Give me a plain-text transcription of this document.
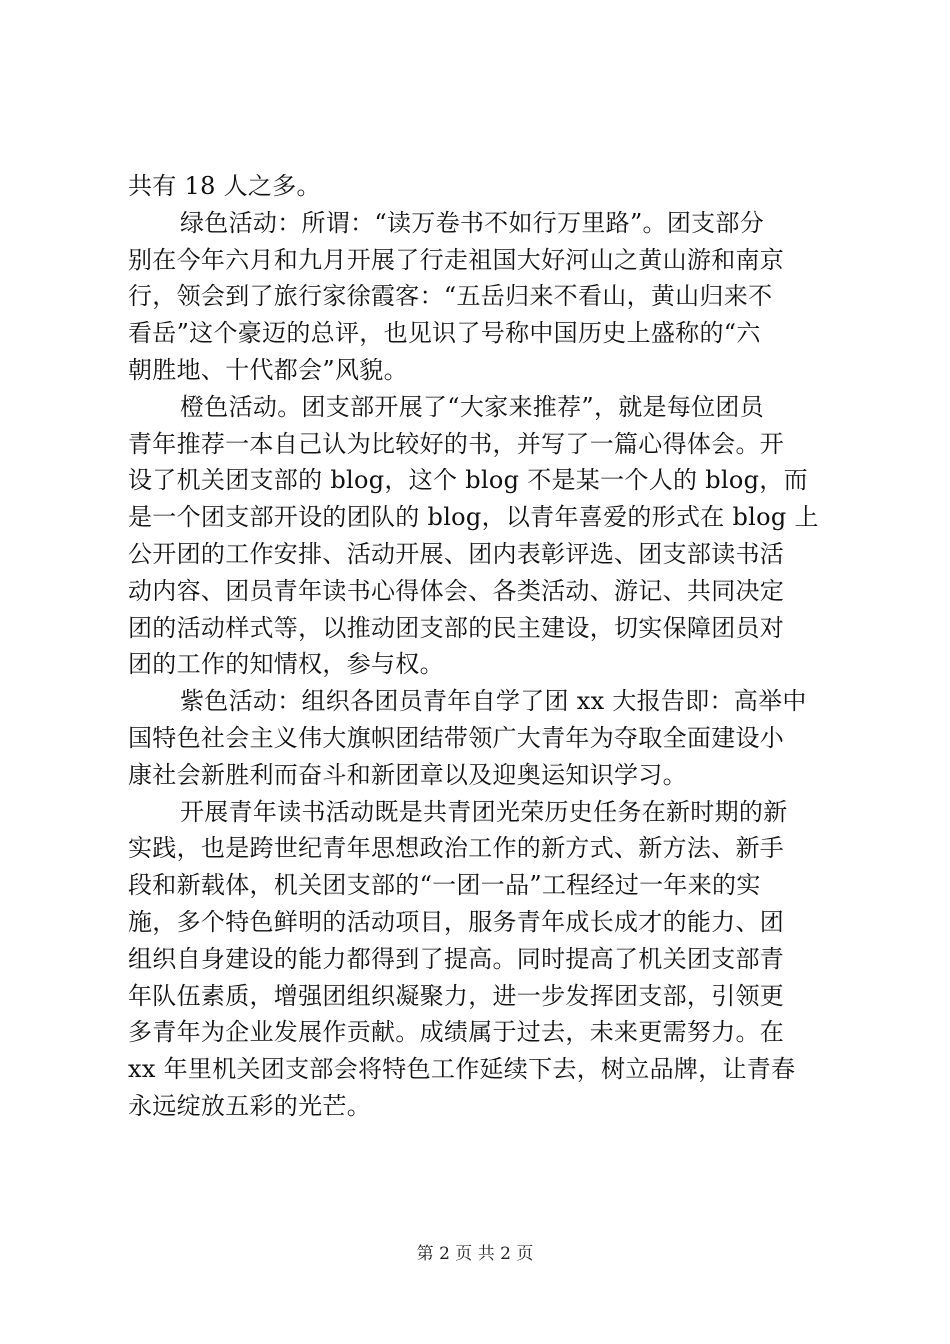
共有 18 人之多。
绿色活动：所谓：“读万卷书不如行万里路”。团支部分
别在今年六月和九月开展了行走祖国大好河山之黄山游和南京
行，领会到了旅行家徐霞客：“五岳归来不看山，黄山归来不
看岳”这个豪迈的总评，也见识了号称中国历史上盛称的“六
朝胜地、十代都会”风貌。
橙色活动。团支部开展了“大家来推荐”，就是每位团员
青年推荐一本自己认为比较好的书，并写了一篇心得体会。开
设了机关团支部的 blog，这个 blog 不是某一个人的 blog，而
是一个团支部开设的团队的 blog，以青年喜爱的形式在 blog 上
公开团的工作安排、活动开展、团内表彰评选、团支部读书活
动内容、团员青年读书心得体会、各类活动、游记、共同决定
团的活动样式等，以推动团支部的民主建设，切实保障团员对
团的工作的知情权，参与权。
紫色活动：组织各团员青年自学了团 xx 大报告即：高举中
国特色社会主义伟大旗帜团结带领广大青年为夺取全面建设小
康社会新胜利而奋斗和新团章以及迎奥运知识学习。
开展青年读书活动既是共青团光荣历史任务在新时期的新
实践，也是跨世纪青年思想政治工作的新方式、新方法、新手
段和新载体，机关团支部的“一团一品”工程经过一年来的实
施，多个特色鲜明的活动项目，服务青年成长成才的能力、团
组织自身建设的能力都得到了提高。同时提高了机关团支部青
年队伍素质，增强团组织凝聚力，进一步发挥团支部，引领更
多青年为企业发展作贡献。成绩属于过去，未来更需努力。在
xx 年里机关团支部会将特色工作延续下去，树立品牌，让青春
永远绽放五彩的光芒。
第 2 页 共 2 页
